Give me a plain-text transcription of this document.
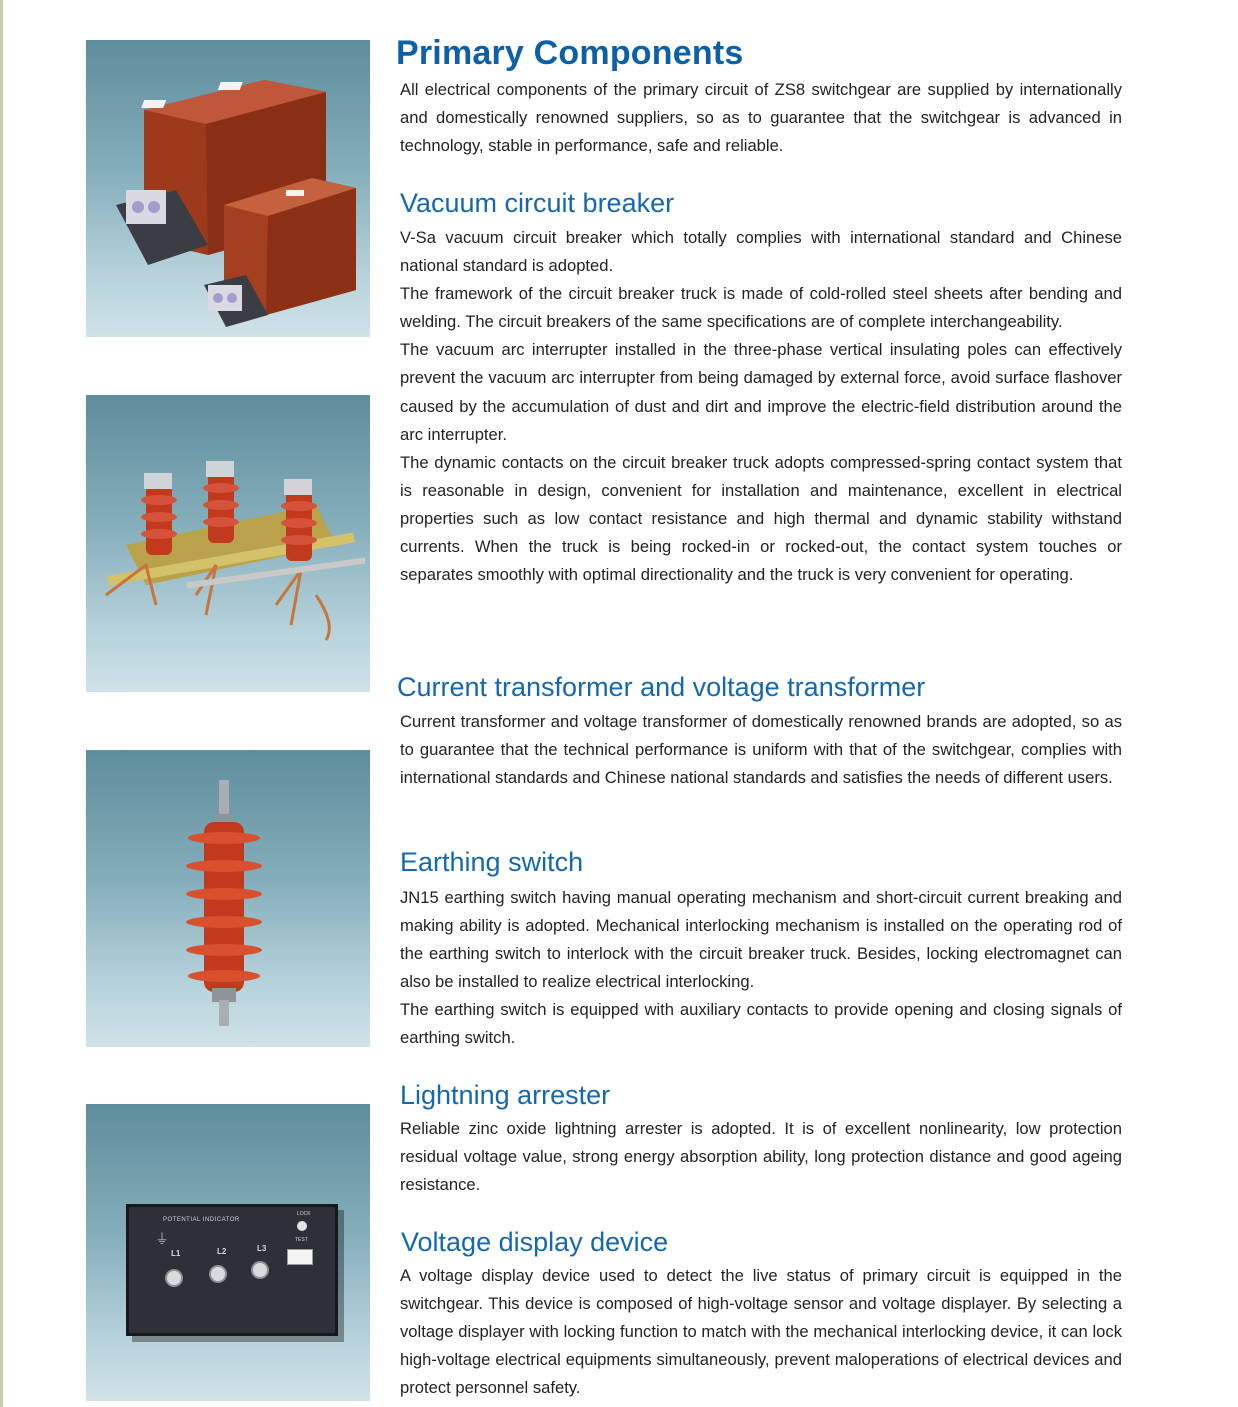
POTENTIAL INDICATOR
LOCK
TEST
⏚
L1	L2	L3
Primary Components

All electrical components of the primary circuit of ZS8 switchgear are supplied by internationally and domestically renowned suppliers, so as to guarantee that the switchgear is advanced in technology, stable in performance, safe and reliable.

Vacuum circuit breaker
V-Sa vacuum circuit breaker which totally complies with international standard and Chinese national standard is adopted.
The framework of the circuit breaker truck is made of cold-rolled steel sheets after bending and welding. The circuit breakers of the same specifications are of complete interchangeability.
The vacuum arc interrupter installed in the three-phase vertical insulating poles can effectively prevent the vacuum arc interrupter from being damaged by external force, avoid surface flashover caused by the accumulation of dust and dirt and improve the electric-field distribution around the arc interrupter.
The dynamic contacts on the circuit breaker truck adopts compressed-spring contact system that is reasonable in design, convenient for installation and maintenance, excellent in electrical properties such as low contact resistance and high thermal and dynamic stability withstand currents. When the truck is being rocked-in or rocked-out, the contact system touches or separates smoothly with optimal directionality and the truck is very convenient for operating.
Current transformer and voltage transformer
Current transformer and voltage transformer of domestically renowned brands are adopted, so as to guarantee that the technical performance is uniform with that of the switchgear, complies with international standards and Chinese national standards and satisfies the needs of different users.
Earthing switch
JN15 earthing switch having manual operating mechanism and short-circuit current breaking and making ability is adopted. Mechanical interlocking mechanism is installed on the operating rod of the earthing switch to interlock with the circuit breaker truck. Besides, locking electromagnet can also be installed to realize electrical interlocking.
The earthing switch is equipped with auxiliary contacts to provide opening and closing signals of earthing switch.
Lightning arrester
Reliable zinc oxide lightning arrester is adopted. It is of excellent nonlinearity, low protection residual voltage value, strong energy absorption ability, long protection distance and good ageing resistance.
Voltage display device
A voltage display device used to detect the live status of primary circuit is equipped in the switchgear. This device is composed of high-voltage sensor and voltage displayer. By selecting a voltage displayer with locking function to match with the mechanical interlocking device, it can lock high-voltage electrical equipments simultaneously, prevent maloperations of electrical devices and protect personnel safety.
